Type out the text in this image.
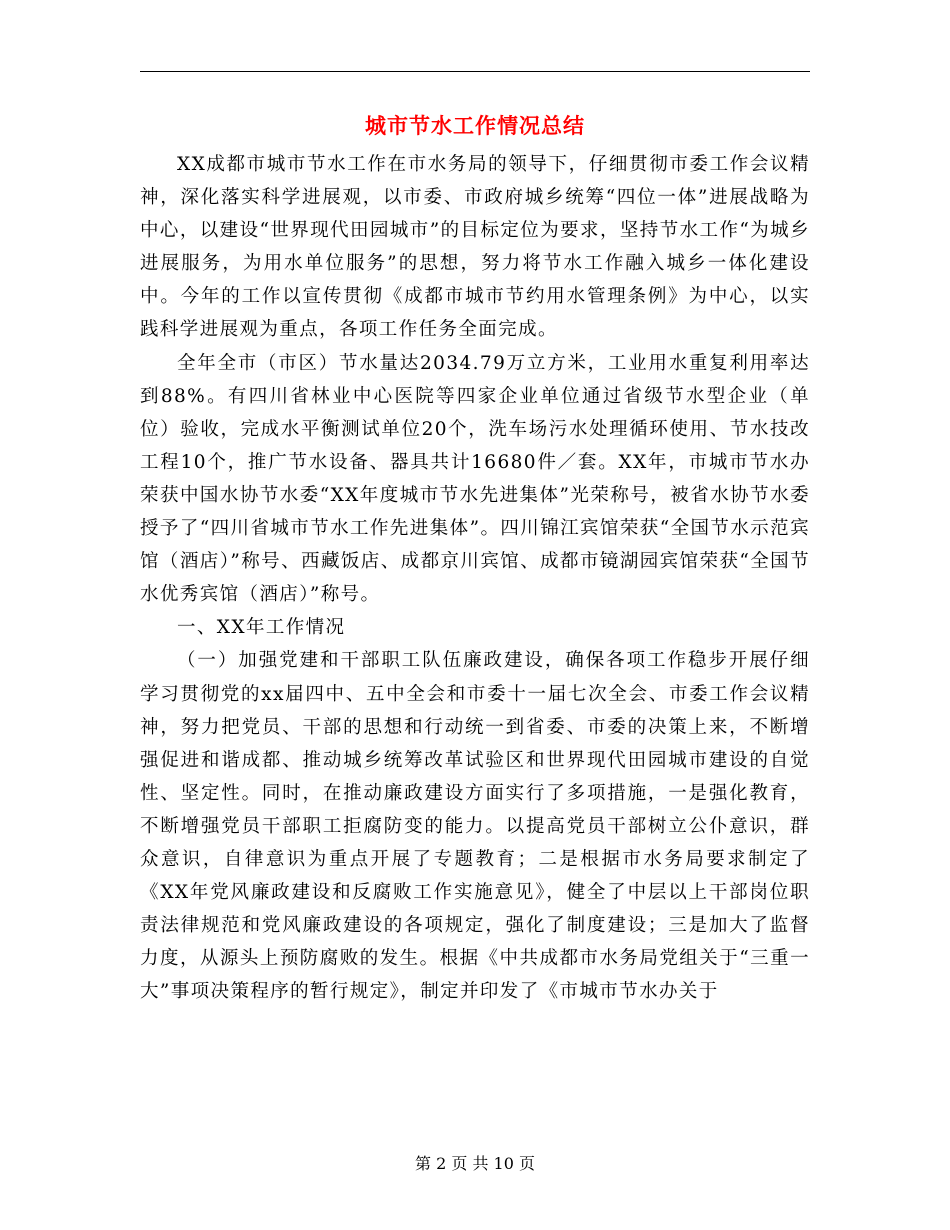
城市节水工作情况总结

XX成都市城市节水工作在市水务局的领导下，仔细贯彻市委工作会议精神，深化落实科学进展观，以市委、市政府城乡统筹“四位一体”进展战略为中心，以建设“世界现代田园城市”的目标定位为要求，坚持节水工作“为城乡进展服务，为用水单位服务”的思想，努力将节水工作融入城乡一体化建设中。今年的工作以宣传贯彻《成都市城市节约用水管理条例》为中心，以实践科学进展观为重点，各项工作任务全面完成。

全年全市（市区）节水量达2034.79万立方米，工业用水重复利用率达到88%。有四川省林业中心医院等四家企业单位通过省级节水型企业（单位）验收，完成水平衡测试单位20个，洗车场污水处理循环使用、节水技改工程10个，推广节水设备、器具共计16680件／套。XX年，市城市节水办荣获中国水协节水委“XX年度城市节水先进集体”光荣称号，被省水协节水委授予了“四川省城市节水工作先进集体”。四川锦江宾馆荣获“全国节水示范宾馆（酒店）”称号、西藏饭店、成都京川宾馆、成都市镜湖园宾馆荣获“全国节水优秀宾馆（酒店）”称号。

一、XX年工作情况

（一）加强党建和干部职工队伍廉政建设，确保各项工作稳步开展仔细学习贯彻党的xx届四中、五中全会和市委十一届七次全会、市委工作会议精神，努力把党员、干部的思想和行动统一到省委、市委的决策上来，不断增强促进和谐成都、推动城乡统筹改革试验区和世界现代田园城市建设的自觉性、坚定性。同时，在推动廉政建设方面实行了多项措施，一是强化教育，不断增强党员干部职工拒腐防变的能力。以提高党员干部树立公仆意识，群众意识，自律意识为重点开展了专题教育；二是根据市水务局要求制定了《XX年党风廉政建设和反腐败工作实施意见》，健全了中层以上干部岗位职责法律规范和党风廉政建设的各项规定，强化了制度建设；三是加大了监督力度，从源头上预防腐败的发生。根据《中共成都市水务局党组关于“三重一大”事项决策程序的暂行规定》，制定并印发了《市城市节水办关于

第 2 页 共 10 页
